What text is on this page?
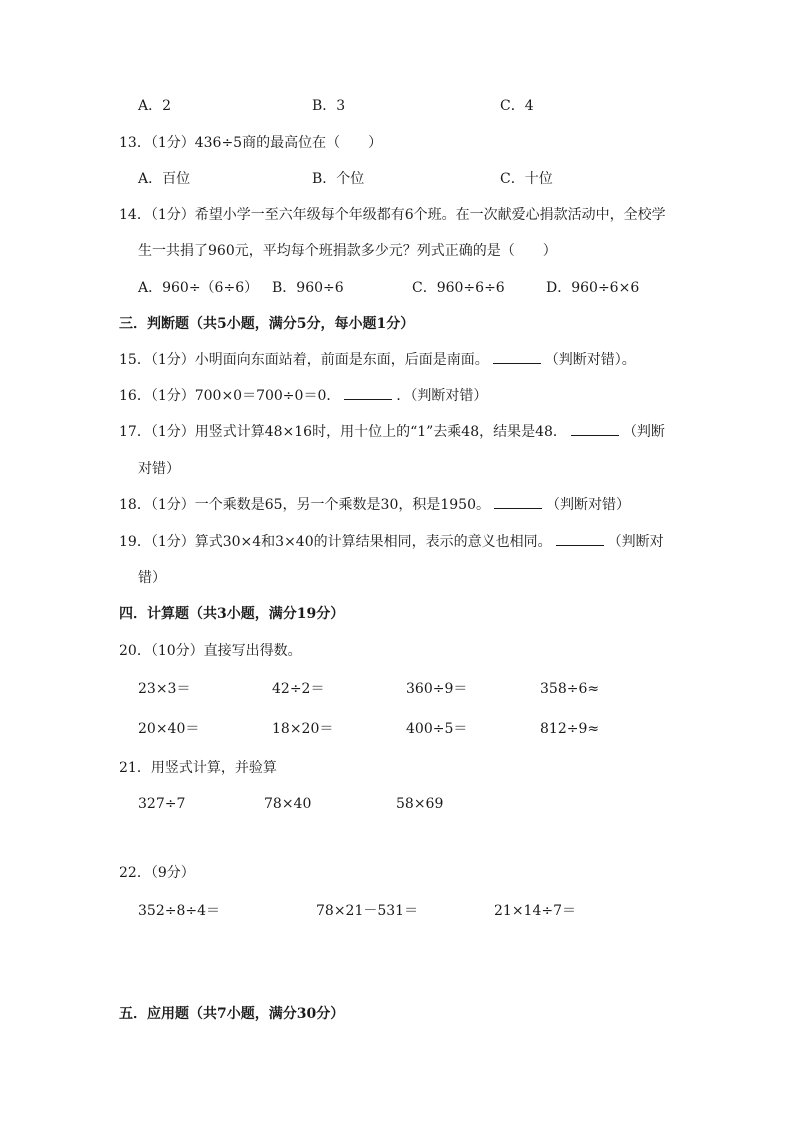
A．2	B．3	C．4
13．（1分）436÷5商的最高位在（　　）
A．百位	B．个位	C．十位
14．（1分）希望小学一至六年级每个年级都有6个班。在一次献爱心捐款活动中，全校学
生一共捐了960元，平均每个班捐款多少元？列式正确的是（　　）
A．960÷（6÷6） B．960÷6	C．960÷6÷6	D．960÷6×6
三．判断题（共5小题，满分5分，每小题1分）
15．（1分）小明面向东面站着，前面是东面，后面是南面。	（判断对错）。
16．（1分）700×0＝700÷0＝0．	．（判断对错）
17．（1分）用竖式计算48×16时，用十位上的“1”去乘48，结果是48．	（判断
对错）
18．（1分）一个乘数是65，另一个乘数是30，积是1950。	（判断对错）
19．（1分）算式30×4和3×40的计算结果相同，表示的意义也相同。	（判断对
错）
四．计算题（共3小题，满分19分）
20．（10分）直接写出得数。
23×3＝	42÷2＝	360÷9＝	358÷6≈
20×40＝	18×20＝	400÷5＝	812÷9≈
21．用竖式计算，并验算
327÷7	78×40	58×69
22．（9分）
352÷8÷4＝	78×21－531＝	21×14÷7＝
五．应用题（共7小题，满分30分）
